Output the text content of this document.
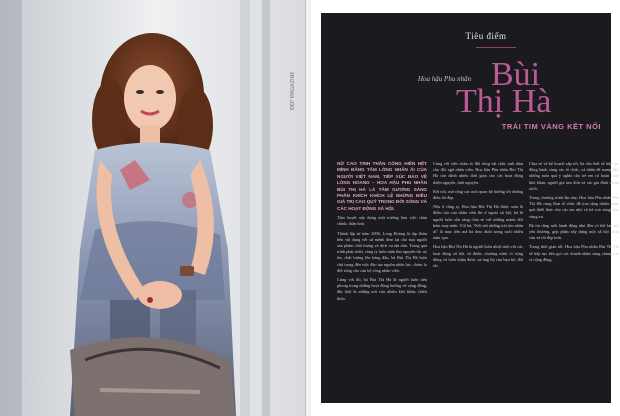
ĐẸP MAGAZINE
Tiêu điểm
Hoa hậu Phu nhân Bùi
Thị Hà
TRÁI TIM VÀNG KẾT NỐI

NỮ CAO TINH THẦN CỐNG HIẾN HẾT MÌNH BẰNG TẤM LÒNG NHÂN ÁI CỦA NGƯỜI VIỆT NAM, TIẾP XÚC BẢO VỆ LÒNG HOANG – HOA HẬU PHU NHÂN BÙI THỊ HÀ LÀ TẤM GƯƠNG SÁNG PHẤN KHÍCH KHÍCH LỆ NHỮNG ĐIỀU GIÁ TRỊ CAO QUÝ TRONG ĐỜI SỐNG VÀ CÁC HOẠT ĐỘNG XÃ HỘI.

Tâm huyết xây dựng một trường làm việc chân chính, thân tình.

Thành lập từ năm 2006, Long Hoàng là tập đoàn bên vật dụng với sứ mệnh đem lại cho mọi người sản phẩm chất lượng và dịch vụ tận tâm. Trong quá trình phát triển, công ty luôn tuân thủ nguyên tắc uy tín, chất lượng lên hàng đầu, bà Bùi Thị Hà luôn chú trọng đến việc đào tạo nguồn nhân lực, chăm lo đời sống cho cán bộ công nhân viên.

Cùng với đó, bà Bùi Thị Hà là người luôn tiên phong trong những hoạt động hướng về cộng đồng, đặc biệt là những nơi còn nhiều khó khăn, thiếu thốn.

Cùng với việc chăm lo đời sống vật chất, tinh thần cho đội ngũ nhân viên, Hoa hậu Phu nhân Bùi Thị Hà còn dành nhiều thời gian cho các hoạt động thiện nguyện, tình nguyện.

Kết nối, mở rộng các mối quan hệ hướng tới những điều tốt đẹp.

Nếu ở công ty, Hoa hậu Bùi Thị Hà được xem là điểm tựa của nhân viên thì ở ngoài xã hội, bà là người luôn sẵn sàng chia sẻ với những mảnh đời kém may mắn. Với bà, “Kết nối những trái tim nhân ái” là mục tiêu mà bà theo đuổi trong suốt nhiều năm qua.

Hoa hậu Bùi Thị Hà là người luôn nhiệt tình với các hoạt động xã hội, từ thiện, chương trình vì cộng đồng và luôn nhận được sự ủng hộ của bạn bè, đối tác.

Chia sẻ về kế hoạch sắp tới, bà cho biết sẽ tiếp tục đồng hành cùng các tổ chức, cá nhân để mang đến những món quà ý nghĩa cho trẻ em có hoàn cảnh khó khăn, người già neo đơn và các gia đình chính sách.

Trong chương trình lần này, Hoa hậu Phu nhân Bùi Thị Hà cùng Ban tổ chức đã trao tặng nhiều phần quà thiết thực cho các em nhỏ và bà con vùng sâu, vùng xa.

Bà tin rằng mỗi hành động nhỏ đều có thể lan tỏa yêu thương, góp phần xây dựng một xã hội nhân văn và tốt đẹp hơn.

Trong thời gian tới, Hoa hậu Phu nhân Bùi Thị Hà sẽ tiếp tục kêu gọi các doanh nhân cùng chung tay vì cộng đồng.
